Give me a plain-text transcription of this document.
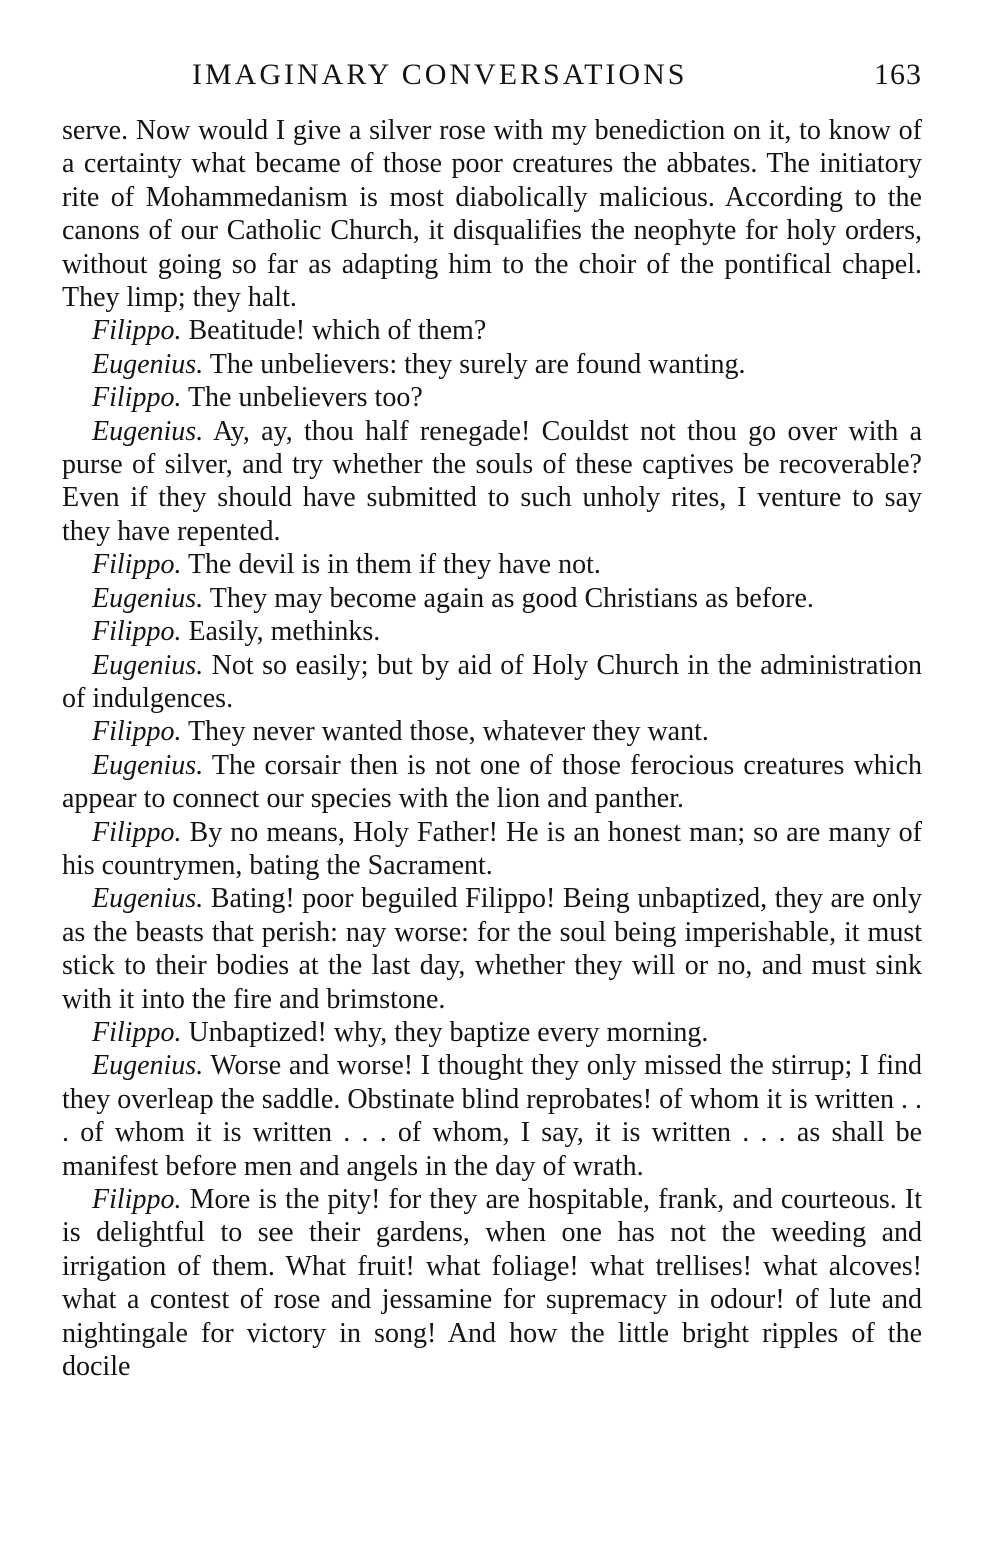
IMAGINARY CONVERSATIONS	163

serve. Now would I give a silver rose with my benediction on it, to know of a certainty what became of those poor creatures the abbates. The initiatory rite of Mohammedanism is most diabolically malicious. According to the canons of our Catholic Church, it disqualifies the neophyte for holy orders, without going so far as adapting him to the choir of the pontifical chapel. They limp; they halt.

Filippo. Beatitude! which of them?

Eugenius. The unbelievers: they surely are found wanting.

Filippo. The unbelievers too?

Eugenius. Ay, ay, thou half renegade! Couldst not thou go over with a purse of silver, and try whether the souls of these captives be recoverable? Even if they should have submitted to such unholy rites, I venture to say they have repented.

Filippo. The devil is in them if they have not.

Eugenius. They may become again as good Christians as before.

Filippo. Easily, methinks.

Eugenius. Not so easily; but by aid of Holy Church in the administration of indulgences.

Filippo. They never wanted those, whatever they want.

Eugenius. The corsair then is not one of those ferocious creatures which appear to connect our species with the lion and panther.

Filippo. By no means, Holy Father! He is an honest man; so are many of his countrymen, bating the Sacrament.

Eugenius. Bating! poor beguiled Filippo! Being unbaptized, they are only as the beasts that perish: nay worse: for the soul being imperishable, it must stick to their bodies at the last day, whether they will or no, and must sink with it into the fire and brimstone.

Filippo. Unbaptized! why, they baptize every morning.

Eugenius. Worse and worse! I thought they only missed the stirrup; I find they overleap the saddle. Obstinate blind reprobates! of whom it is written . . . of whom it is written . . . of whom, I say, it is written . . . as shall be manifest before men and angels in the day of wrath.

Filippo. More is the pity! for they are hospitable, frank, and courteous. It is delightful to see their gardens, when one has not the weeding and irrigation of them. What fruit! what foliage! what trellises! what alcoves! what a contest of rose and jessamine for supremacy in odour! of lute and nightingale for victory in song! And how the little bright ripples of the docile
